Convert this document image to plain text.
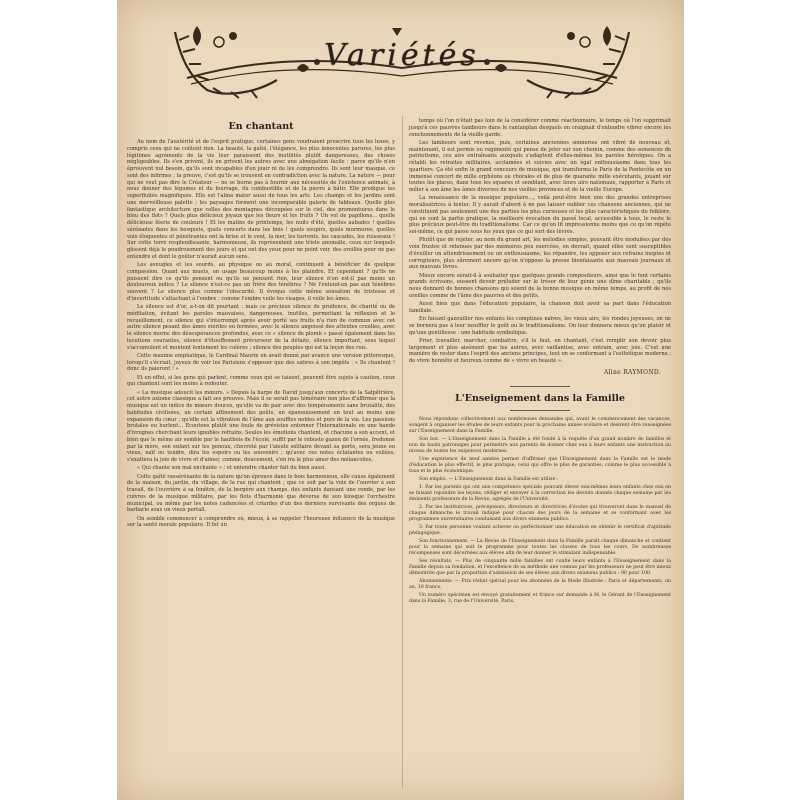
Variétés
En chantant

Au nom de l'austérité et de l'esprit pratique, certaines gens voudraient proscrire tous les luxes, y compris ceux qui ne coûtent rien. La beauté, la gaîté, l'élégance, les plus innocentes parures, les plus légitimes agréments de la vie leur paraissent des inutilités plutôt dangereuses, des choses négligeables. Ils s'en privent, ils en privent les autres avec une abnégation facile : parce qu'ils n'en éprouvent nul besoin, qu'ils sont incapables d'en jouir ni de les comprendre. Ils sont leur masque, ce sont des infirmes ; la preuve, c'est qu'ils se trouvent en contradiction avec la nature. La nature — pour qui ne veut pas dire le Créateur — ne se borne pas à fournir aux nécessités de l'existence animale, à nous donner des légumes et du fourrage, du combustible et de la pierre à bâtir. Elle prodigue les superfluités magnifiques. Elle est l'alma mater aussi de tous les arts. Les champs et les jardins sont une merveilleuse palette ; les paysages forment une incomparable galerie de tableaux. Quelle plus fantastique architecture que celles des montagnes découpées sur le ciel, des promontoires dans le bleu des flots ? Quels plus délicieux joyaux que les fleurs et les fruits ? Un vol de papillons... quelle délicieuse féerie de couleurs ! Et les matins de printemps, les nuits d'été, quelles aubades ! quelles sérénades dans les bosquets, quels concerts dans les bois ! quels soupirs, quels murmures, quelles voix éloquentes et pénétrantes ont la brise et le vent, la mer, les torrents, les cascades, les ruisseaux ! Sur cette terre resplendissante, harmonieuse, ils représentent une triste anomalie, ceux sur lesquels glissent déjà le poudroiement des jours et qui ont des yeux pour ne point voir, des oreilles pour ne pas entendre et dont le goûter n'aurait aucun sens.

Les aveugles et les sourds, au physique ou au moral, continuent à bénéficier de quelque compassion. Quant aux muets, on usage beaucoup moins à les plaindre. Et cependant ? qu'ils ne puissent dire ce qu'ils pensent ou qu'ils ne pensent rien, leur silence n'en est-il pas moins un douloureux indice ? Le silence n'est-ce pas un frère des ténèbres ? Ne l'entend-on pas aux ténèbres souvent ? Le silence plus comme l'obscurité. Il évoque cette même sensation de tristesse et d'incertitude s'attachant à l'ombre ; comme l'ombre voile les visages, il voile les âmes.

Le silence est d'or, a-t-on dit pourtant : mais ce précieux silence de prudence, de charité ou de méditation, évitant les paroles mauvaises, dangereuses, inutiles, permettant la réflexion et le recueillement, ce silence qui s'interrompt après avoir porté ses fruits n'a rien de commun avec cet autre silence pesant des âmes stériles ou fermées, avec le silence angoissé des attentes cruelles, avec le silence morne des désespérances profondes, avec ce « silence de plomb » passé également dans les locutions courantes, silence d'étouffement précurseur de la défaite, silence important, sous lequel s'accumulent et montent lentement les colères ; silence des peuples qui est la leçon des rois.

Cette maxime emphatique, le Cardinal Maurin en avait donné par avance une version pittoresque, lorsqu'il s'écriait, joyeux de voir les Parisiens s'opposer que des satires à son impôts : « Ils chantent ! donc ils paieront ! »

Et en effet, si les gens qui parlent, comme ceux qui se taisent, peuvent être sujets à caution, ceux qui chantent sont les moins à redouter.

« La musique adoucit les mœurs. » Depuis la harpe de David jusqu'aux concerts de la Salpêtrière, cet autre axiome classique a fait ses preuves. Mais il se serait pas téméraire non plus d'affirmer que la musique est un indice de mœurs douces, qu'elle va de pair avec des tempéraments sans brutalité, des habitudes civilisées, un certain affinement des goûts, un épanouissement en tout au moins une expansion du cœur ; qu'elle est la vibration de l'âme aux souffles nobles et purs de la vie. Les passions brutales ou hurlent... Ecoutons plutôt une foule de grévistes entonner l'Internationale ou une bande d'ivrognes cherchant leurs ignobles refrains. Seules les émotions chantent, et chacune a son accent, et bien que le même air semble par le hautbois de l'école, suffit par le robuste gazon de l'ornée, fredonné par la mère, son enfant sur les genoux, chevroté par l'aïeule solitaire devant sa porte, sera jeune ou vieux, naïf ou tendre, dira les espoirs ou les souvenirs ; qu'avec ces notes éclatantes ou voilées, s'exaltera la joie de vivre et d'aimer, comme, doucement, s'en ira le plus amer des mélancolies.

« Qui chante son mal enchante » ; et entendre chanter fait du bien aussi.

Cette gaîté rassérénante de la nature qu'on éprouve dans le bois harmonieux, elle cause également de la maison, du jardin, du village, de la rue qui chantent ; que ce soit par la voix de l'ouvrier à son travail, de l'ouvrière à sa fenêtre, de la bergère aux champs, des enfants dansant une ronde, par les cuivres de la musique militaire, par les flots d'harmonie que déverse de son kiosque l'orchestre municipal, ou même par les notes cadencées et criardes d'un des derniers survivants des orgues de barbarie sous un vieux portail.

On semble commencer à comprendre ou, mieux, à se rappeler l'heureuse influence de la musique sur la santé morale populaire. Il fut un

temps où l'on n'était pas loin de la considérer comme réactionnaire, le temps où l'on supprimait jusqu'à ces pauvres tambours dans le rantanplan desquels on craignait d'entendre vibrer encore les ronchonnements de la vieille garde.

Les tambours sont revenus, puis, certaines anciennes sonneries ont vibré de nouveau et, maintenant, il est permis ou regimenté qui pense de jeter sur son chemin, comme des semences de patriotisme, ces airs entraînants auxquels s'adaptent d'elles-mêmes les paroles héroïques. On a rétabli les retraites militaires, acclamées et suivies avec un égal enthousiasme dans tous les quartiers. Ça été enfin le grand concours de musique, qui transforma le Paris de la Pentecôte en un immense concert de mille orphéons ou chorales et de plus de quarante mille exécutants, jouant sur toutes les places, dans tous les squares et semblant, avec leurs airs nationaux, rapporter à Paris et mêler à son âme les âmes diverses de nos vieilles provinces et de la vieille Europe.

La renaissance de la musique populaire..., voilà peut-être bien une des grandes entreprises moralisatrices à tenter. Il y aurait d'abord à ne pas laisser oublier ces chansons anciennes, qui ne constituent pas seulement une des parties les plus curieuses et les plus caractéristiques du folklore, qui en sont la partie pratique, la meilleure évocation du passé local, accessible à tous, le reste le plus précieux peut-être du traditionalisme. Car ce qu'on lit impressionne moins que ce qu'on répète soi-même, ce qui passe sous les yeux que ce qui sort des lèvres.

Plutôt que de rejeter, au nom du grand art, les mélodies simples, pouvant être modulées par des voix frustes et retenues par des mémoires peu exercées, on devrait, quand elles sont susceptibles d'éveiller un attendrissement ou un enthousiasme, les répandre, les opposer aux refrains ineptes et corrupteurs, plus sûrement encore qu'on n'oppose la presse bienfaisante aux mauvais journaux et aux mauvais livres.

Mieux encore serait-il à souhaiter que quelques grands compositeurs, ainsi que le font certains grands écrivains, eussent devoir préluder sur le trésor de leur génie une dîme charitable ; qu'ils nous donnent de bonnes chansons qui soient de la bonne musique en même temps, au profit de nos oreilles comme de l'âme des pauvres et des petits.

Aussi bien que dans l'éducation populaire, la chanson doit avoir sa part dans l'éducation familiale.

En faisant gazouiller nos enfants les comptines naïves, les vieux airs, les rondes joyeuses, on ne se bornera pas à leur insuffler le goût ou le traditionalisme. On leur donnera mieux qu'un plaisir et qu'une gentillesse : une habitude symbolique.

Prier, travailler, marcher, combattre, s'il le faut, en chantant, c'est remplir son devoir plus largement et plus aisément que les autres, avec vaillantise, avec entrain, avec joie. C'est une manière de rester dans l'esprit des anciens principes, tout en se conformant à l'esthétique moderne : de vivre honnête et heureux comme de « vivre en beauté ».

Aline RAYMOND.
L'Enseignement dans la Famille

Nous répondons collectivement aux nombreuses demandes qui, avant le commencement des vacances, songent à organiser les études de leurs enfants pour la prochaine année scolaire et désirent être renseignées sur l'Enseignement dans la Famille.

Son but. — L'Enseignement dans la Famille a été fondé à la requête d'un grand nombre de familles et non de hauts patronages pour permettre aux parents de donner chez eux à leurs enfants une instruction au niveau de toutes les exigences modernes.

Une expérience de neuf années permet d'affirmer que l'Enseignement dans la Famille est le mode d'éducation le plus effectif, le plus pratique, celui qui offre le plus de garanties, comme le plus accessible à tous et le plus économique.

Son emploi. — L'Enseignement dans la Famille est utilisé :

1. Par les parents qui ont une compétence spéciale pouvant élever eux-mêmes leurs enfants chez eux en se faisant rejoindre les leçons, rédiger et envoyer à la correction les devoirs donnés chaque semaine par les éminents professeurs de la Revue, agrégés de l'Université.

2. Par les institutrices, précepteurs, directeurs et directrices d'écoles qui trouveront dans le manuel de chaque dimanche le travail indiqué pour chacun des jours de la semaine et se conformant avec les programmes universitaires conduisant aux divers examens publics.

3. Par toute personne voulant achever ou perfectionner une éducation en obtenir le certificat d'aptitude pédagogique.

Son fonctionnement. — La Revue de l'Enseignement dans la Famille paraît chaque dimanche et contient pour la semaine qui suit le programme pour toutes les classes de tous les cours. De nombreuses récompenses sont décernées aux élèves afin de leur donner le stimulant indispensable.

Ses résultats. — Plus de cinquante mille familles ont confié leurs enfants à l'Enseignement dans la Famille depuis sa fondation, et l'excellence de sa méthode une connue par les professeurs ne peut être mieux démontrée que par la proportion d'admission de ses élèves aux divers examens publics : 90 pour 100.

Abonnements. — Prix réduit spécial pour les abonnées de la Mode Illustrée : Paris et départements, un an, 10 francs.

Un numéro spécimen est envoyé gratuitement et franco sur demande à M. le Gérant de l'Enseignement dans la Famille, 3, rue de l'Université, Paris.
